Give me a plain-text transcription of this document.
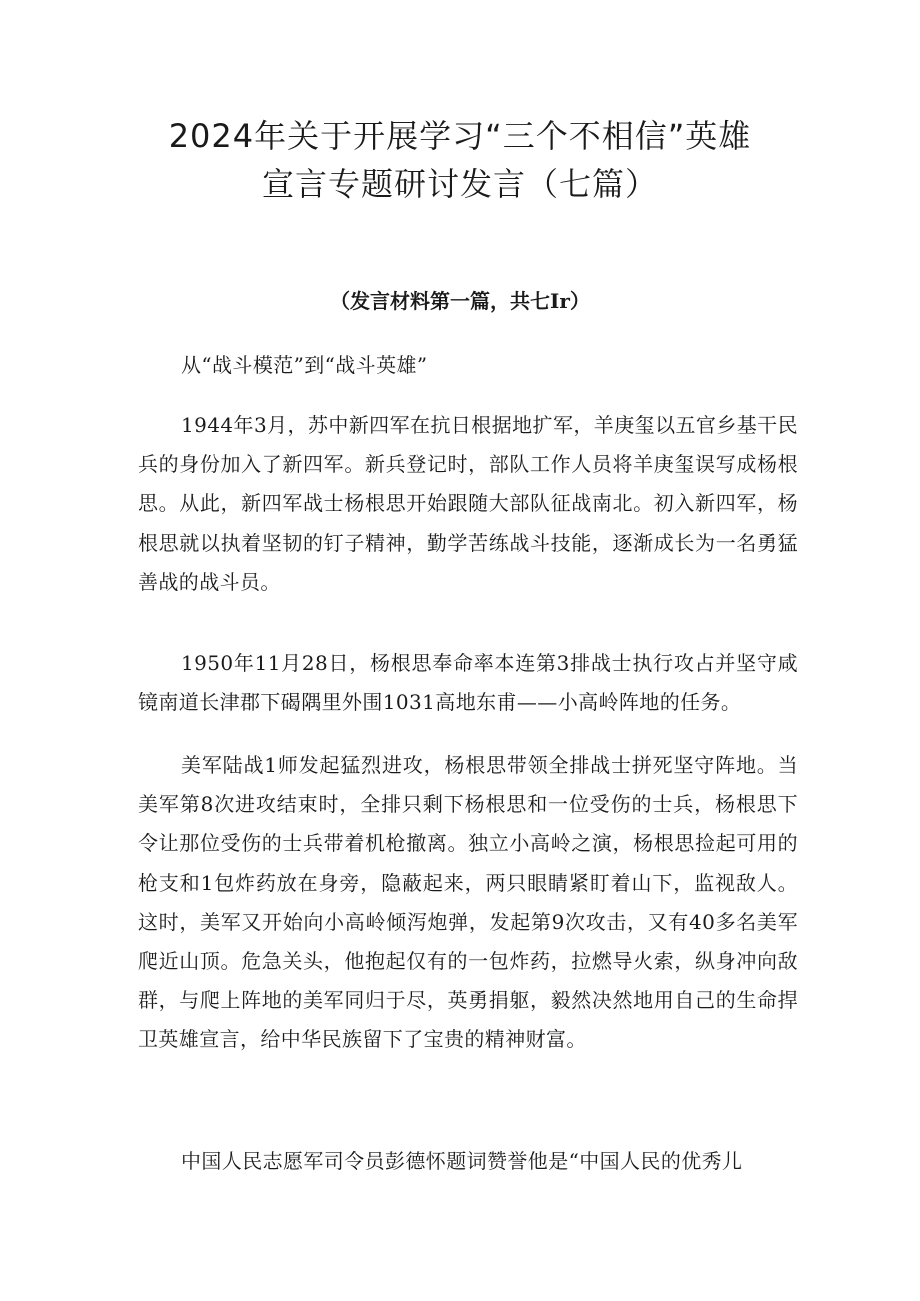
2024年关于开展学习“三个不相信”英雄
宣言专题研讨发言（七篇）

（发言材料第一篇，共七Ir）

从“战斗模范”到“战斗英雄”

1944年3月，苏中新四军在抗日根据地扩军，羊庚玺以五官乡基干民兵的身份加入了新四军。新兵登记时，部队工作人员将羊庚玺误写成杨根思。从此，新四军战士杨根思开始跟随大部队征战南北。初入新四军，杨根思就以执着坚韧的钉子精神，勤学苦练战斗技能，逐渐成长为一名勇猛善战的战斗员。

1950年11月28日，杨根思奉命率本连第3排战士执行攻占并坚守咸镜南道长津郡下碣隅里外围1031高地东甫——小高岭阵地的任务。

美军陆战1师发起猛烈进攻，杨根思带领全排战士拼死坚守阵地。当美军第8次进攻结束时，全排只剩下杨根思和一位受伤的士兵，杨根思下令让那位受伤的士兵带着机枪撤离。独立小高岭之演，杨根思捡起可用的枪支和1包炸药放在身旁，隐蔽起来，两只眼睛紧盯着山下，监视敌人。这时，美军又开始向小高岭倾泻炮弹，发起第9次攻击，又有40多名美军爬近山顶。危急关头，他抱起仅有的一包炸药，拉燃导火索，纵身冲向敌群，与爬上阵地的美军同归于尽，英勇捐躯，毅然决然地用自己的生命捍卫英雄宣言，给中华民族留下了宝贵的精神财富。

中国人民志愿军司令员彭德怀题词赞誉他是“中国人民的优秀儿
